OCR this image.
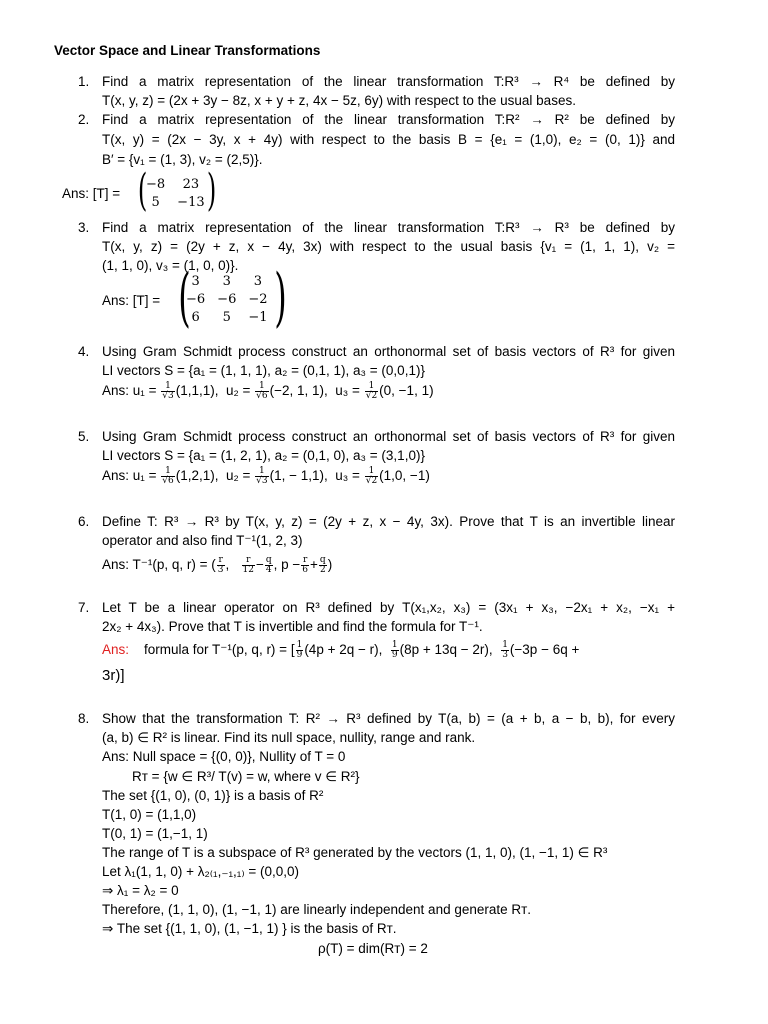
Vector Space and Linear Transformations
1. Find a matrix representation of the linear transformation T:R³ → R⁴ be defined by
T(x, y, z) = (2x + 3y − 8z, x + y + z, 4x − 5z, 6y) with respect to the usual bases.
2. Find a matrix representation of the linear transformation T:R² → R² be defined by
T(x, y) = (2x − 3y, x + 4y) with respect to the basis B = {e₁ = (1,0), e₂ = (0, 1)} and
B′ = {v₁ = (1, 3), v₂ = (2,5)}.
Ans: [T] = (
−8	23
5	−13 )
3. Find a matrix representation of the linear transformation T:R³ → R³ be defined by
T(x, y, z) = (2y + z, x − 4y, 3x) with respect to the usual basis {v₁ = (1, 1, 1), v₂ =
(1, 1, 0), v₃ = (1, 0, 0)}.
Ans: [T] = ( 3	3	3
−6	−6	−2
6	5	−1 )
4. Using Gram Schmidt process construct an orthonormal set of basis vectors of R³ for given
LI vectors S = {a₁ = (1, 1, 1), a₂ = (0,1, 1), a₃ = (0,0,1)}
Ans: $u_1 = \frac{1}{√3} (1,1,1)$, $u_2 = \frac{1}{√6} (-2$, 1, 1), $u_3 = \frac{1}{√2} (0$, −1, 1)
5. Using Gram Schmidt process construct an orthonormal set of basis vectors of R³ for given
LI vectors S = {a₁ = (1, 2, 1), a₂ = (0,1, 0), a₃ = (3,1,0)}
Ans: $u_1 = \frac{1}{√6} (1,2,1)$, $u_2 = \frac{1}{√3} (1$, − 1,1), $u_3 = \frac{1}{√2} (1,0$, −1)
6. Define T: R³ → R³ by T(x, y, z) = (2y + z, x − 4y, 3x). Prove that T is an invertible linear
operator and also find T⁻¹(1, 2, 3)
Ans: T⁻¹(p, q, r) = ( $\frac{r}{3}$ , $\frac{r}{12} - \frac{q}{4}$ , $p - \frac{r}{6} + \frac{q}{2}$ )
7. Let T be a linear operator on R³ defined by T(x₁,x₂, x₃) = (3x₁ + x₃, −2x₁ + x₂, −x₁ +
2x₂ + 4x₃). Prove that T is invertible and find the formula for T⁻¹.
Ans: formula for T⁻¹(p, q, r) = [ $\frac{1}{9} (4p + 2q - r)$, $\frac{1}{9} (8p + 13q - 2r)$, $\frac{1}{3} (-3p - 6q$ +
3r)]
8. Show that the transformation T: R² → R³ defined by T(a, b) = (a + b, a − b, b), for every
(a, b) ∈ R² is linear. Find its null space, nullity, range and rank.
Ans: Null space = {(0, 0)}, Nullity of T = 0
Rᴛ = {w ∈ R³/ T(v) = w, where v ∈ R²}
The set {(1, 0), (0, 1)} is a basis of R²
T(1, 0) = (1,1,0)
T(0, 1) = (1,−1, 1)
The range of T is a subspace of R³ generated by the vectors (1, 1, 0), (1, −1, 1) ∈ R³
Let λ₁(1, 1, 0) + λ₂₍₁,₋₁,₁₎ = (0,0,0)
⇒ λ₁ = λ₂ = 0
Therefore, (1, 1, 0), (1, −1, 1) are linearly independent and generate Rᴛ.
⇒ The set {(1, 1, 0), (1, −1, 1) } is the basis of Rᴛ.
ρ(T) = dim(Rᴛ) = 2
